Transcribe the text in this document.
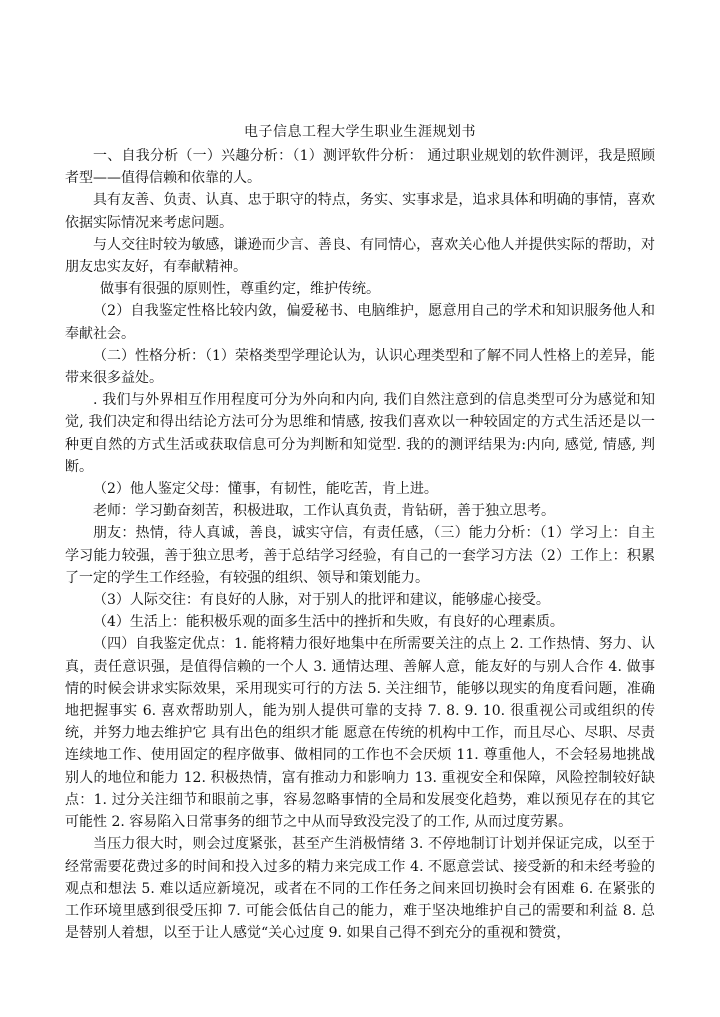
电子信息工程大学生职业生涯规划书

一、自我分析（一）兴趣分析：（1）测评软件分析： 通过职业规划的软件测评，我是照顾者型——值得信赖和依靠的人。

具有友善、负责、认真、忠于职守的特点，务实、实事求是，追求具体和明确的事情，喜欢依据实际情况来考虑问题。

与人交往时较为敏感，谦逊而少言、善良、有同情心，喜欢关心他人并提供实际的帮助，对朋友忠实友好，有奉献精神。

做事有很强的原则性，尊重约定，维护传统。

（2）自我鉴定性格比较内敛，偏爱秘书、电脑维护，愿意用自己的学术和知识服务他人和奉献社会。

（二）性格分析：（1）荣格类型学理论认为，认识心理类型和了解不同人性格上的差异，能带来很多益处。

. 我们与外界相互作用程度可分为外向和内向, 我们自然注意到的信息类型可分为感觉和知觉, 我们决定和得出结论方法可分为思维和情感, 按我们喜欢以一种较固定的方式生活还是以一种更自然的方式生活或获取信息可分为判断和知觉型. 我的的测评结果为:内向, 感觉, 情感, 判断。

（2）他人鉴定父母：懂事，有韧性，能吃苦，肯上进。

老师：学习勤奋刻苦，积极进取，工作认真负责，肯钻研，善于独立思考。

朋友：热情，待人真诚，善良，诚实守信，有责任感，（三）能力分析：（1）学习上：自主学习能力较强，善于独立思考，善于总结学习经验，有自己的一套学习方法（2）工作上：积累了一定的学生工作经验，有较强的组织、领导和策划能力。

（3）人际交往：有良好的人脉，对于别人的批评和建议，能够虚心接受。

（4）生活上：能积极乐观的面多生活中的挫折和失败，有良好的心理素质。

（四）自我鉴定优点：1. 能将精力很好地集中在所需要关注的点上 2. 工作热情、努力、认真，责任意识强，是值得信赖的一个人 3. 通情达理、善解人意，能友好的与别人合作 4. 做事情的时候会讲求实际效果，采用现实可行的方法 5. 关注细节，能够以现实的角度看问题，准确地把握事实 6. 喜欢帮助别人，能为别人提供可靠的支持 7. 8. 9. 10. 很重视公司或组织的传统，并努力地去维护它 具有出色的组织才能 愿意在传统的机构中工作，而且尽心、尽职、尽责 连续地工作、使用固定的程序做事、做相同的工作也不会厌烦 11. 尊重他人，不会轻易地挑战别人的地位和能力 12. 积极热情，富有推动力和影响力 13. 重视安全和保障，风险控制较好缺点：1. 过分关注细节和眼前之事，容易忽略事情的全局和发展变化趋势，难以预见存在的其它可能性 2. 容易陷入日常事务的细节之中从而导致没完没了的工作, 从而过度劳累。

当压力很大时，则会过度紧张，甚至产生消极情绪 3. 不停地制订计划并保证完成，以至于经常需要花费过多的时间和投入过多的精力来完成工作 4. 不愿意尝试、接受新的和未经考验的观点和想法 5. 难以适应新境况，或者在不同的工作任务之间来回切换时会有困难 6. 在紧张的工作环境里感到很受压抑 7. 可能会低估自己的能力，难于坚决地维护自己的需要和利益 8. 总是替别人着想，以至于让人感觉“关心过度 9. 如果自己得不到充分的重视和赞赏，
